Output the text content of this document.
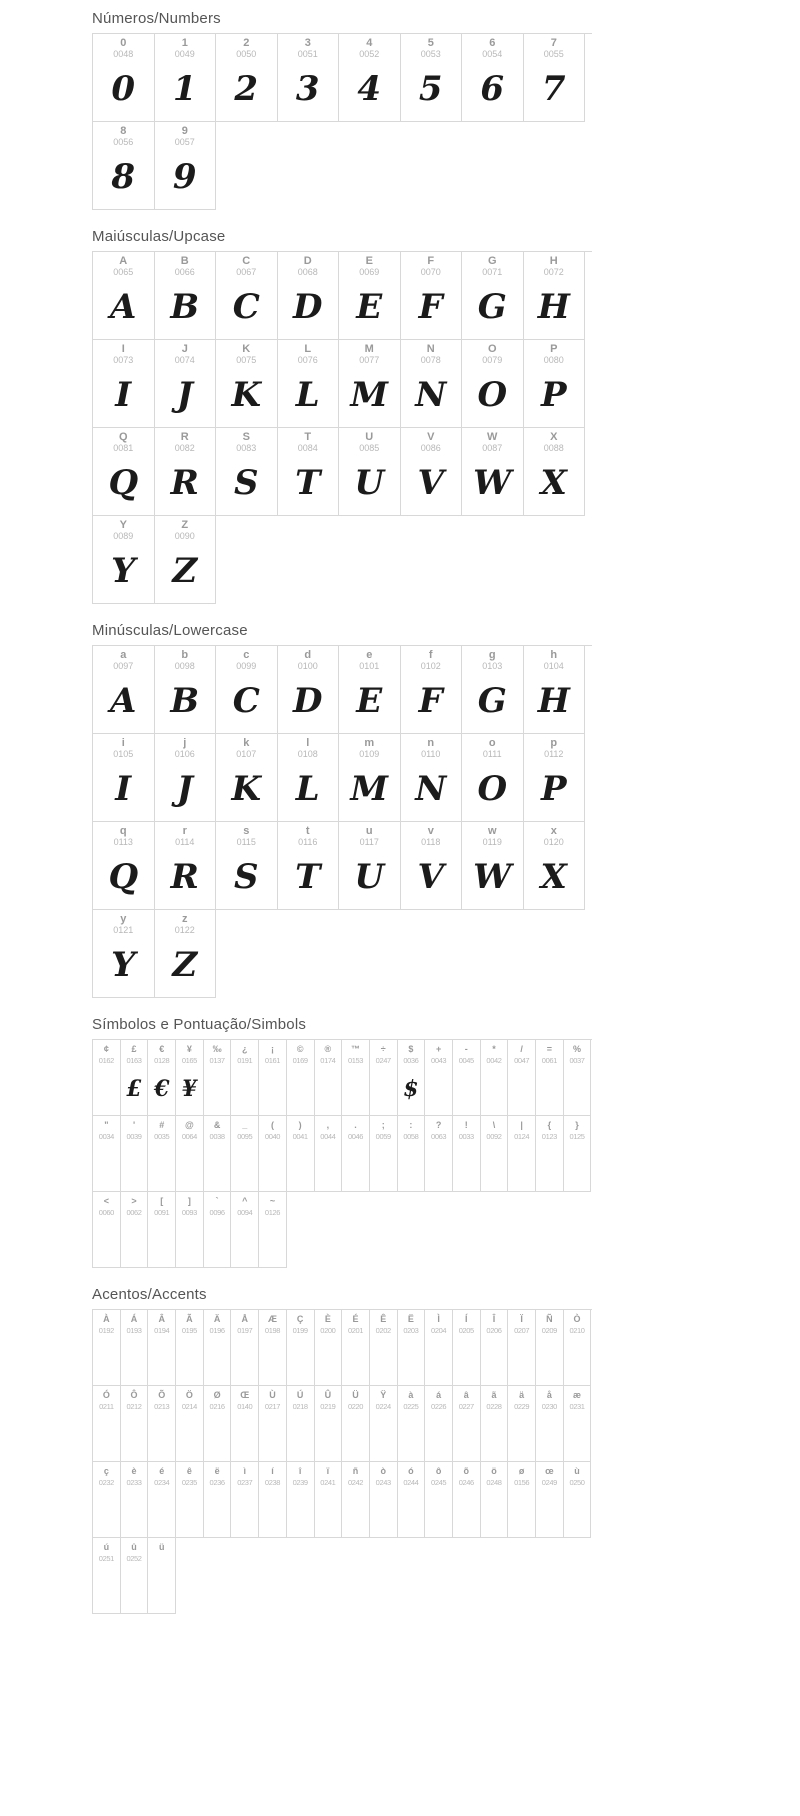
Números/Numbers
0
0048
0
1
0049
1
2
0050
2
3
0051
3
4
0052
4
5
0053
5
6
0054
6
7
0055
7
8
0056
8
9
0057
9
Maiúsculas/Upcase
A
0065
A
B
0066
B
C
0067
C
D
0068
D
E
0069
E
F
0070
F
G
0071
G
H
0072
H
I
0073
I
J
0074
J
K
0075
K
L
0076
L
M
0077
M
N
0078
N
O
0079
O
P
0080
P
Q
0081
Q
R
0082
R
S
0083
S
T
0084
T
U
0085
U
V
0086
V
W
0087
W
X
0088
X
Y
0089
Y
Z
0090
Z
Minúsculas/Lowercase
a
0097
A
b
0098
B
c
0099
C
d
0100
D
e
0101
E
f
0102
F
g
0103
G
h
0104
H
i
0105
I
j
0106
J
k
0107
K
l
0108
L
m
0109
M
n
0110
N
o
0111
O
p
0112
P
q
0113
Q
r
0114
R
s
0115
S
t
0116
T
u
0117
U
v
0118
V
w
0119
W
x
0120
X
y
0121
Y
z
0122
Z
Símbolos e Pontuação/Simbols
¢
0162
£
0163
£
€
0128
€
¥
0165
¥
‰
0137
¿
0191
¡
0161
©
0169
®
0174
™
0153
÷
0247
$
0036
$
+
0043
-
0045
*
0042
/
0047
=
0061
%
0037
"
0034
'
0039
#
0035
@
0064
&
0038
_
0095
(
0040
)
0041
,
0044
.
0046
;
0059
:
0058
?
0063
!
0033
\
0092
|
0124
{
0123
}
0125
<
0060
>
0062
[
0091
]
0093
`
0096
^
0094
~
0126
Acentos/Accents
À
0192
Á
0193
Â
0194
Ã
0195
Ä
0196
Å
0197
Æ
0198
Ç
0199
È
0200
É
0201
Ê
0202
Ë
0203
Ì
0204
Í
0205
Î
0206
Ï
0207
Ñ
0209
Ò
0210
Ó
0211
Ô
0212
Õ
0213
Ö
0214
Ø
0216
Œ
0140
Ù
0217
Ú
0218
Û
0219
Ü
0220
Ÿ
0224
à
0225
á
0226
â
0227
ã
0228
ä
0229
å
0230
æ
0231
ç
0232
è
0233
é
0234
ê
0235
ë
0236
ì
0237
í
0238
î
0239
ï
0241
ñ
0242
ò
0243
ó
0244
ô
0245
õ
0246
ö
0248
ø
0156
œ
0249
ù
0250
ú
0251
û
0252
ü
